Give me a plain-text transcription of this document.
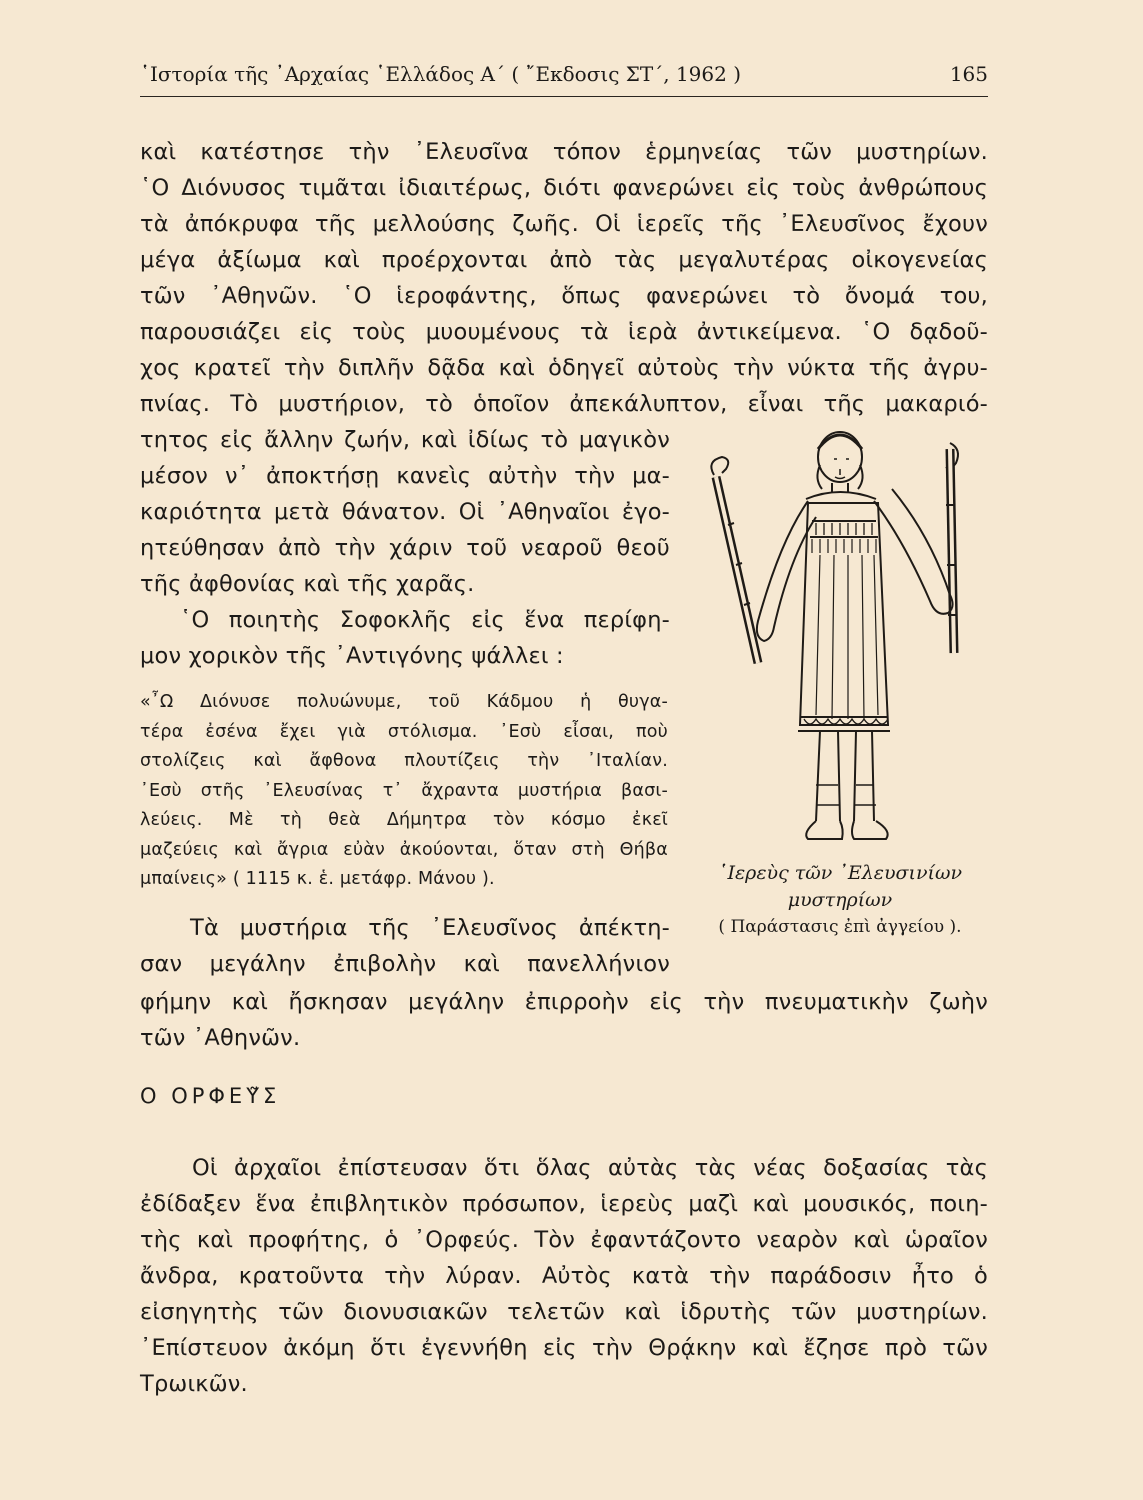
῾Ιστορία τῆς ᾿Αρχαίας ῾Ελλάδος Α΄ ( ῎Εκδοσις ΣΤ΄, 1962 )	165
καὶ κατέστησε τὴν ᾿Ελευσῖνα τόπον ἑρμηνείας τῶν μυστηρίων.
῾Ο Διόνυσος τιμᾶται ἰδιαιτέρως, διότι φανερώνει εἰς τοὺς ἀνθρώπους
τὰ ἀπόκρυφα τῆς μελλούσης ζωῆς. Οἱ ἱερεῖς τῆς ᾿Ελευσῖνος ἔχουν
μέγα ἀξίωμα καὶ προέρχονται ἀπὸ τὰς μεγαλυτέρας οἰκογενείας
τῶν ᾿Αθηνῶν. ῾Ο ἱεροφάντης, ὅπως φανερώνει τὸ ὄνομά του,
παρουσιάζει εἰς τοὺς μυουμένους τὰ ἱερὰ ἀντικείμενα. ῾Ο δᾳδοῦ-
χος κρατεῖ τὴν διπλῆν δᾷδα καὶ ὁδηγεῖ αὐτοὺς τὴν νύκτα τῆς ἀγρυ-
πνίας. Τὸ μυστήριον, τὸ ὁποῖον ἀπεκάλυπτον, εἶναι τῆς μακαριό-
τητος εἰς ἄλλην ζωήν, καὶ ἰδίως τὸ μαγικὸν
μέσον ν᾿ ἀποκτήσῃ κανεὶς αὐτὴν τὴν μα-
καριότητα μετὰ θάνατον. Οἱ ᾿Αθηναῖοι ἐγο-
ητεύθησαν ἀπὸ τὴν χάριν τοῦ νεαροῦ θεοῦ
τῆς ἀφθονίας καὶ τῆς χαρᾶς.
῾Ο ποιητὴς Σοφοκλῆς εἰς ἕνα περίφη-
μον χορικὸν τῆς ᾿Αντιγόνης ψάλλει :
«῏Ω Διόνυσε πολυώνυμε, τοῦ Κάδμου ἡ θυγα-
τέρα ἐσένα ἔχει γιὰ στόλισμα. ᾿Εσὺ εἶσαι, ποὺ
στολίζεις καὶ ἄφθονα πλουτίζεις τὴν ᾿Ιταλίαν.
᾿Εσὺ στῆς ᾿Ελευσίνας τ᾿ ἄχραντα μυστήρια βασι-
λεύεις. Μὲ τὴ θεὰ Δήμητρα τὸν κόσμο ἐκεῖ
μαζεύεις καὶ ἄγρια εὐὰν ἀκούονται, ὅταν στὴ Θήβα
μπαίνεις» ( 1115 κ. ἑ. μετάφρ. Μάνου ).
Τὰ μυστήρια τῆς ᾿Ελευσῖνος ἀπέκτη-
σαν μεγάλην ἐπιβολὴν καὶ πανελλήνιον
φήμην καὶ ἤσκησαν μεγάλην ἐπιρροὴν εἰς τὴν πνευματικὴν ζωὴν
τῶν ᾿Αθηνῶν.
῾Ιερεὺς τῶν ᾿Ελευσινίων μυστηρίων
( Παράστασις ἐπὶ ἀγγείου ).
Ο ΟΡΦΕΥ͂Σ
Οἱ ἀρχαῖοι ἐπίστευσαν ὅτι ὅλας αὐτὰς τὰς νέας δοξασίας τὰς
ἐδίδαξεν ἕνα ἐπιβλητικὸν πρόσωπον, ἱερεὺς μαζὶ καὶ μουσικός, ποιη-
τὴς καὶ προφήτης, ὁ ᾿Ορφεύς. Τὸν ἐφαντάζοντο νεαρὸν καὶ ὡραῖον
ἄνδρα, κρατοῦντα τὴν λύραν. Αὐτὸς κατὰ τὴν παράδοσιν ἦτο ὁ
εἰσηγητὴς τῶν διονυσιακῶν τελετῶν καὶ ἱδρυτὴς τῶν μυστηρίων.
᾿Επίστευον ἀκόμη ὅτι ἐγεννήθη εἰς τὴν Θρᾴκην καὶ ἔζησε πρὸ τῶν
Τρωικῶν.
